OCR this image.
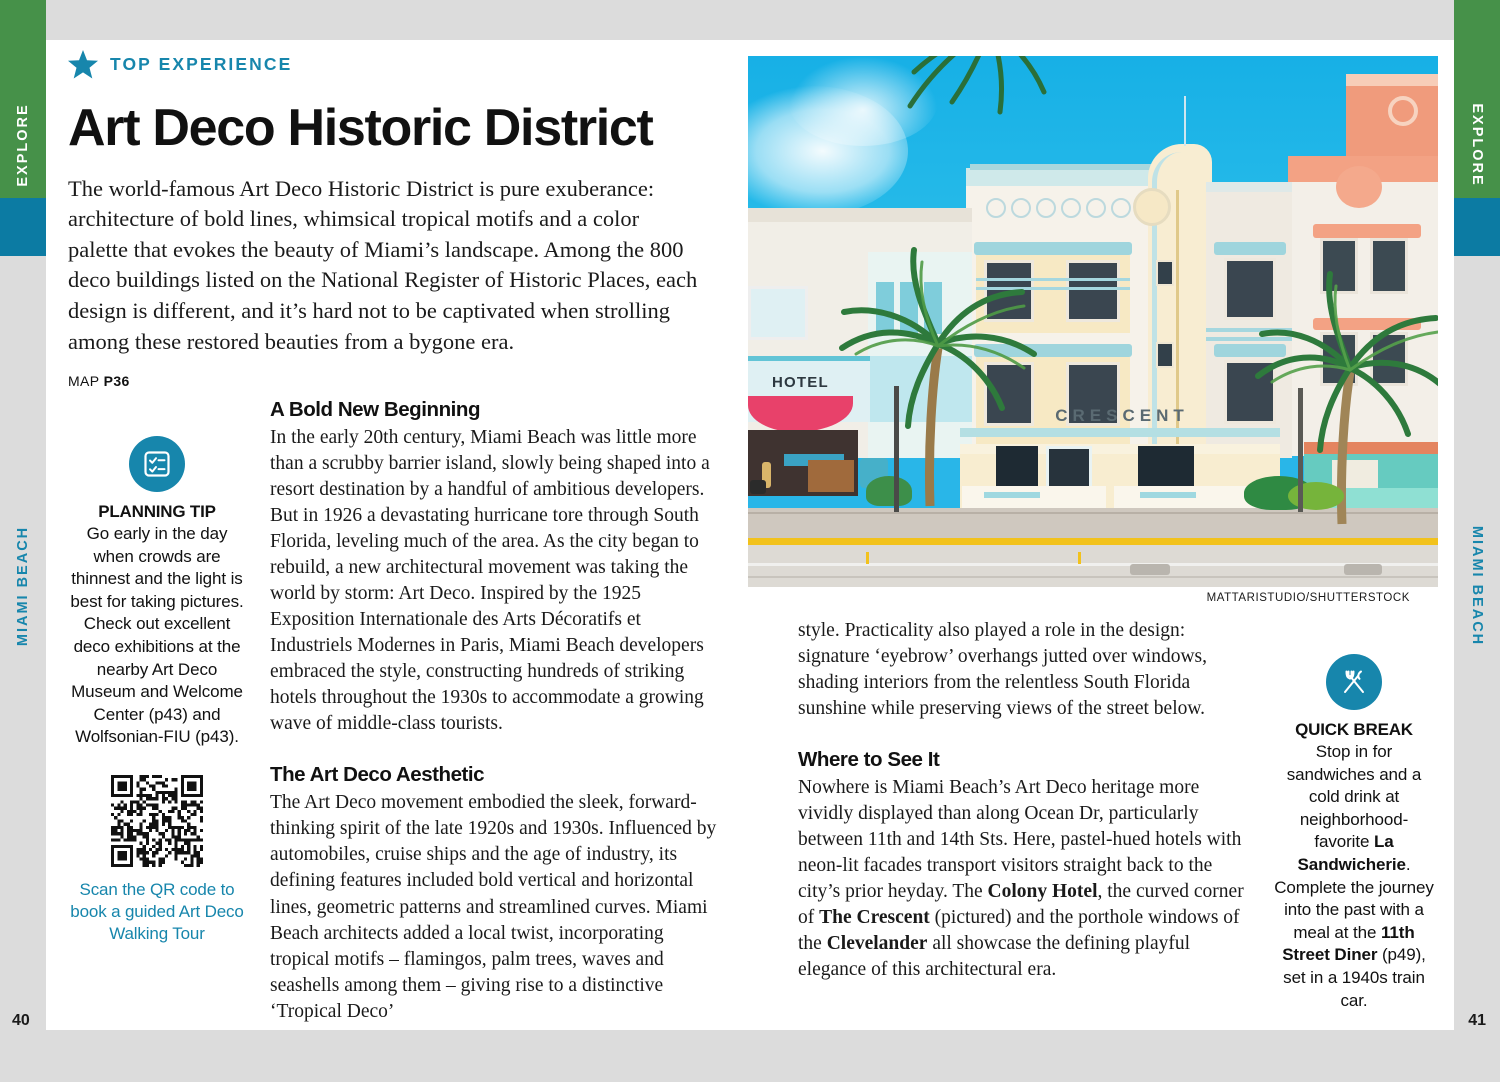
EXPLORE
MIAMI BEACH
EXPLORE
MIAMI BEACH
40	41
TOP EXPERIENCE
Art Deco Historic District

The world-famous Art Deco Historic District is pure exuberance: architecture of bold lines, whimsical tropical motifs and a color palette that evokes the beauty of Miami’s landscape. Among the 800 deco buildings listed on the National Register of Historic Places, each design is different, and it’s hard not to be captivated when strolling among these restored beauties from a bygone era.

MAP P36
PLANNING TIP
Go early in the day when crowds are thinnest and the light is best for taking pictures. Check out excellent deco exhibitions at the nearby Art Deco Museum and Welcome Center (p43) and Wolfsonian-FIU (p43).
Scan the QR code to book a guided Art Deco Walking Tour
A Bold New Beginning

In the early 20th century, Miami Beach was little more than a scrubby barrier island, slowly being shaped into a resort destination by a handful of ambitious developers. But in 1926 a devastating hurricane tore through South Florida, leveling much of the area. As the city began to rebuild, a new architectural movement was taking the world by storm: Art Deco. Inspired by the 1925 Exposition Internationale des Arts Décoratifs et Industriels Modernes in Paris, Miami Beach developers embraced the style, constructing hundreds of striking hotels throughout the 1930s to accommodate a growing wave of middle-class tourists.

The Art Deco Aesthetic

The Art Deco movement embodied the sleek, forward-thinking spirit of the late 1920s and 1930s. Influenced by automobiles, cruise ships and the age of industry, its defining features included bold vertical and horizontal lines, geometric patterns and streamlined curves. Miami Beach architects added a local twist, incorporating tropical motifs – flamingos, palm trees, waves and seashells among them – giving rise to a distinctive ‘Tropical Deco’

HOTEL
CRESCENT
MATTARISTUDIO/SHUTTERSTOCK

style. Practicality also played a role in the design: signature ‘eyebrow’ overhangs jutted over windows, shading interiors from the relentless South Florida sunshine while preserving views of the street below.

Where to See It

Nowhere is Miami Beach’s Art Deco heritage more vividly displayed than along Ocean Dr, particularly between 11th and 14th Sts. Here, pastel-hued hotels with neon-lit facades transport visitors straight back to the city’s prior heyday. The Colony Hotel, the curved corner of The Crescent (pictured) and the porthole windows of the Clevelander all showcase the defining playful elegance of this architectural era.

QUICK BREAK
Stop in for sandwiches and a cold drink at neighborhood-favorite La Sandwicherie. Complete the journey into the past with a meal at the 11th Street Diner (p49), set in a 1940s train car.
